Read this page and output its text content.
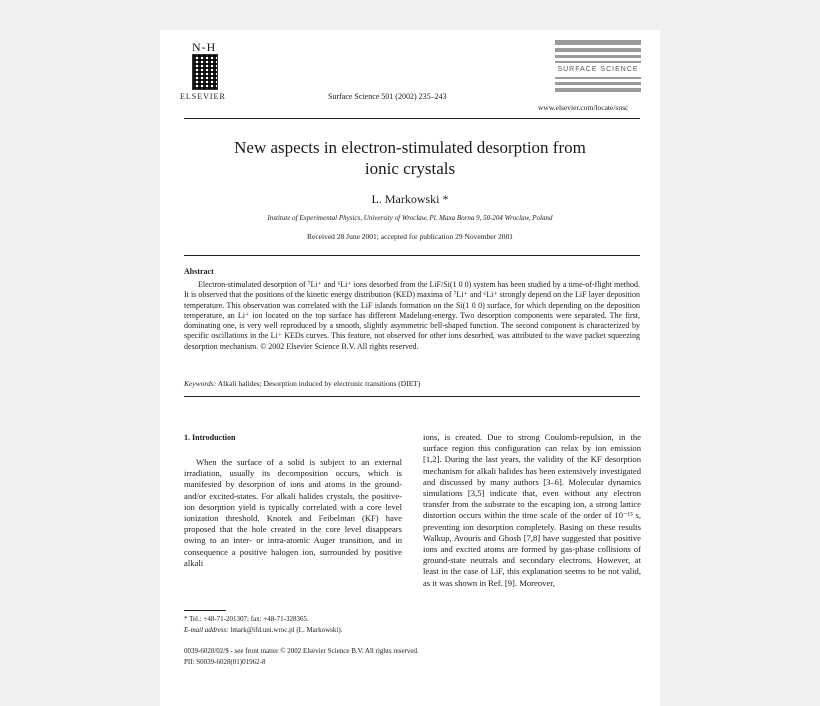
N-H
ELSEVIER	Surface Science 501 (2002) 235–243
SURFACE SCIENCE
www.elsevier.com/locate/susc
New aspects in electron-stimulated desorption from
ionic crystals
L. Markowski *
Institute of Experimental Physics, University of Wroclaw, Pl. Maxa Borna 9, 50-204 Wroclaw, Poland
Received 28 June 2001; accepted for publication 29 November 2001
Abstract

Electron-stimulated desorption of ⁷Li⁺ and ⁶Li⁺ ions desorbed from the LiF/Si(1 0 0) system has been studied by a time-of-flight method. It is observed that the positions of the kinetic energy distribution (KED) maxima of ⁷Li⁺ and ⁶Li⁺ strongly depend on the LiF layer deposition temperature. This observation was correlated with the LiF islands formation on the Si(1 0 0) surface, for which depending on the deposition temperature, an Li⁺ ion located on the top surface has different Madelung-energy. Two desorption components were separated. The first, dominating one, is very well reproduced by a smooth, slightly asymmetric bell-shaped function. The second component is characterized by specific oscillations in the Li⁺ KEDs curves. This feature, not observed for other ions desorbed, was attributed to the wave packet squeezing desorption mechanism. © 2002 Elsevier Science B.V. All rights reserved.

Keywords: Alkali halides; Desorption induced by electronic transitions (DIET)
1. Introduction

When the surface of a solid is subject to an external irradiation, usually its decomposition occurs, which is manifested by desorption of ions and atoms in the ground- and/or excited-states. For alkali halides crystals, the positive-ion desorption yield is typically correlated with a core level ionization threshold. Knotek and Feibelman (KF) have proposed that the hole created in the core level disappears owing to an inter- or intra-atomic Auger transition, and in consequence a positive halogen ion, surrounded by positive alkali

ions, is created. Due to strong Coulomb-repulsion, in the surface region this configuration can relax by ion emission [1,2]. During the last years, the validity of the KF desorption mechanism for alkali halides has been extensively investigated and discussed by many authors [3–6]. Molecular dynamics simulations [3,5] indicate that, even without any electron transfer from the substrate to the escaping ion, a strong lattice distortion occurs within the time scale of the order of 10⁻¹³ s, preventing ion desorption completely. Basing on these results Walkup, Avouris and Ghosh [7,8] have suggested that positive ions and excited atoms are formed by gas-phase collisions of ground-state neutrals and secondary electrons. However, at least in the case of LiF, this explanation seems to be not valid, as it was shown in Ref. [9]. Moreover,

* Tel.: +48-71-201307; fax: +48-71-328365.
E-mail address: lmark@ifd.uni.wroc.pl (L. Markowski).
0039-6028/02/$ - see front matter © 2002 Elsevier Science B.V. All rights reserved.
PII: S0039-6028(01)01962-8
